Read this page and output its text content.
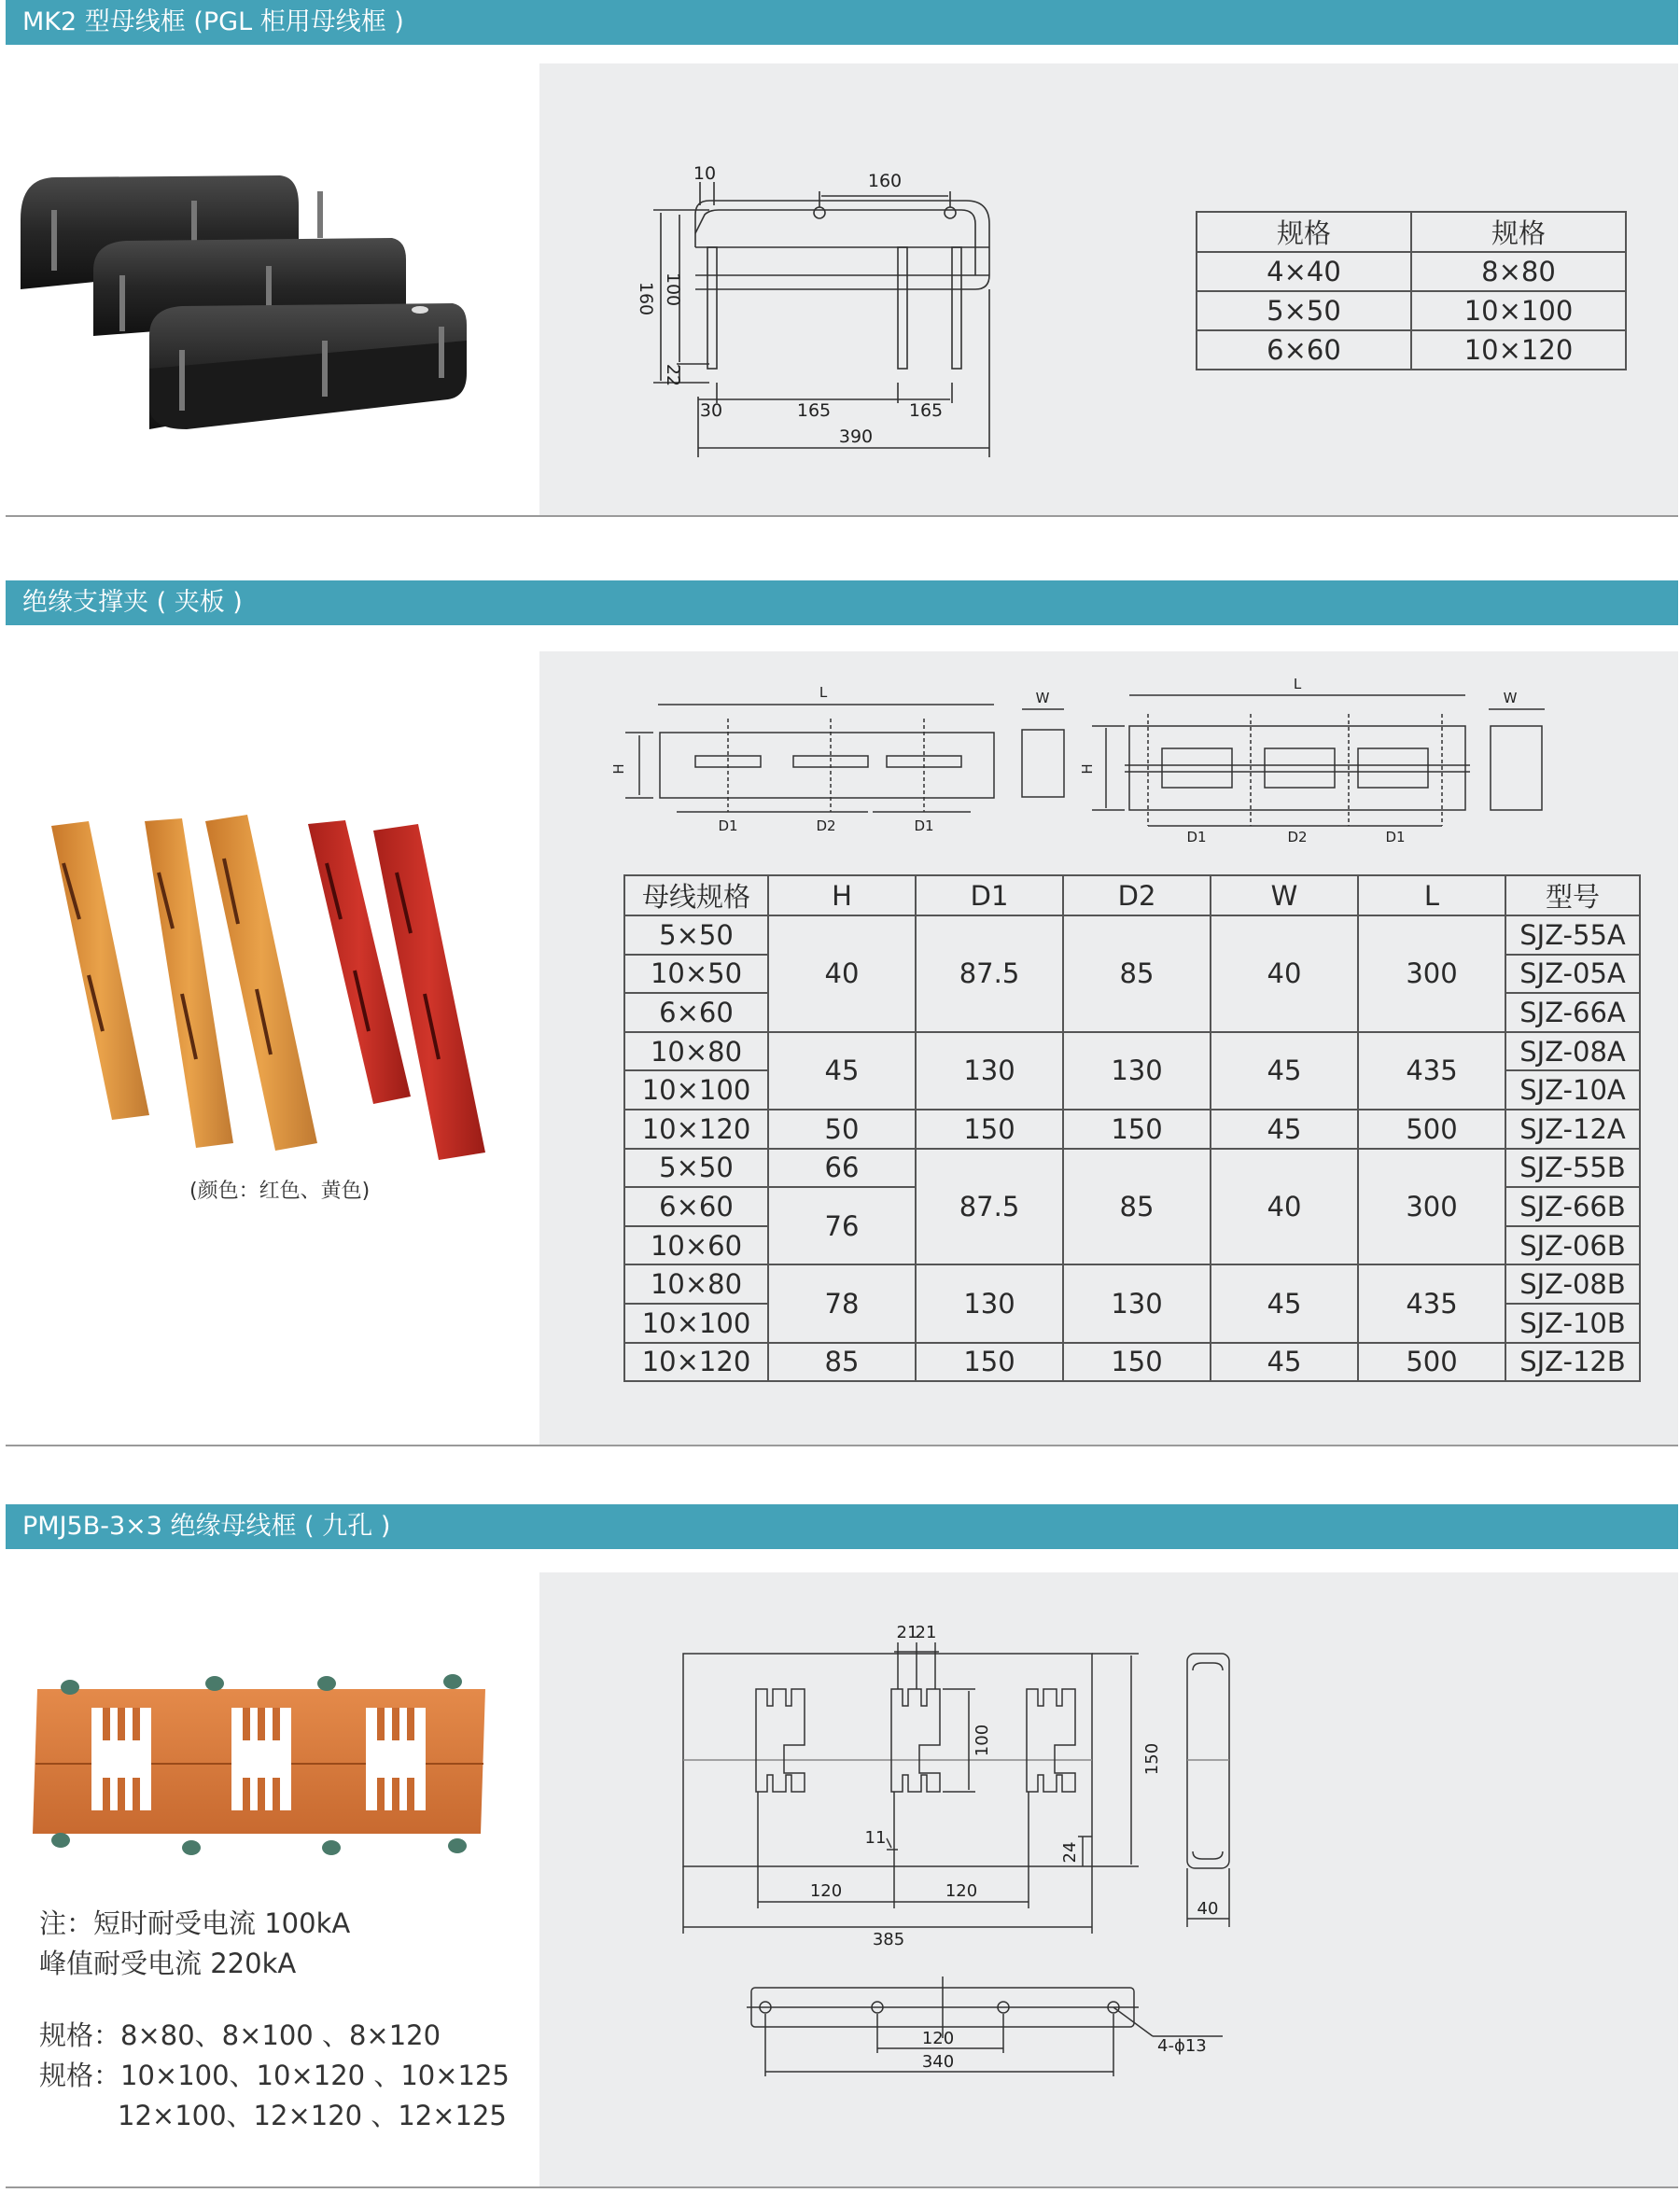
MK2 型母线框 (PGL 柜用母线框 )
10	160
160 100
22
30	165	165
390
规格	规格
4×40	8×80
5×50	10×100
6×60	10×120
绝缘支撑夹 ( 夹板 )
(颜色：红色、黄色)
L	W
H
D1	D2	D1
L
W
H
D1	D2	D1
母线规格	H	D1	D2	W	L	型号
5×50	40	87.5	85	40	300	SJZ-55A
10×50						SJZ-05A
6×60						SJZ-66A
10×80	45	130	130	45	435	SJZ-08A
10×100						SJZ-10A
10×120	50	150	150	45	500	SJZ-12A
5×50	66	87.5	85	40	300	SJZ-55B
6×60	76					SJZ-66B
10×60						SJZ-06B
10×80	78	130	130	45	435	SJZ-08B
10×100						SJZ-10B
10×120	85	150	150	45	500	SJZ-12B
PMJ5B-3×3 绝缘母线框 ( 九孔 )
注：短时耐受电流 100kA
峰值耐受电流 220kA
规格：8×80、8×100 、8×120
规格：10×100、10×120 、10×125
12×100、12×120 、12×125
21
21
100
150
11
24
120	120
385
40
120
340
4-ϕ13
